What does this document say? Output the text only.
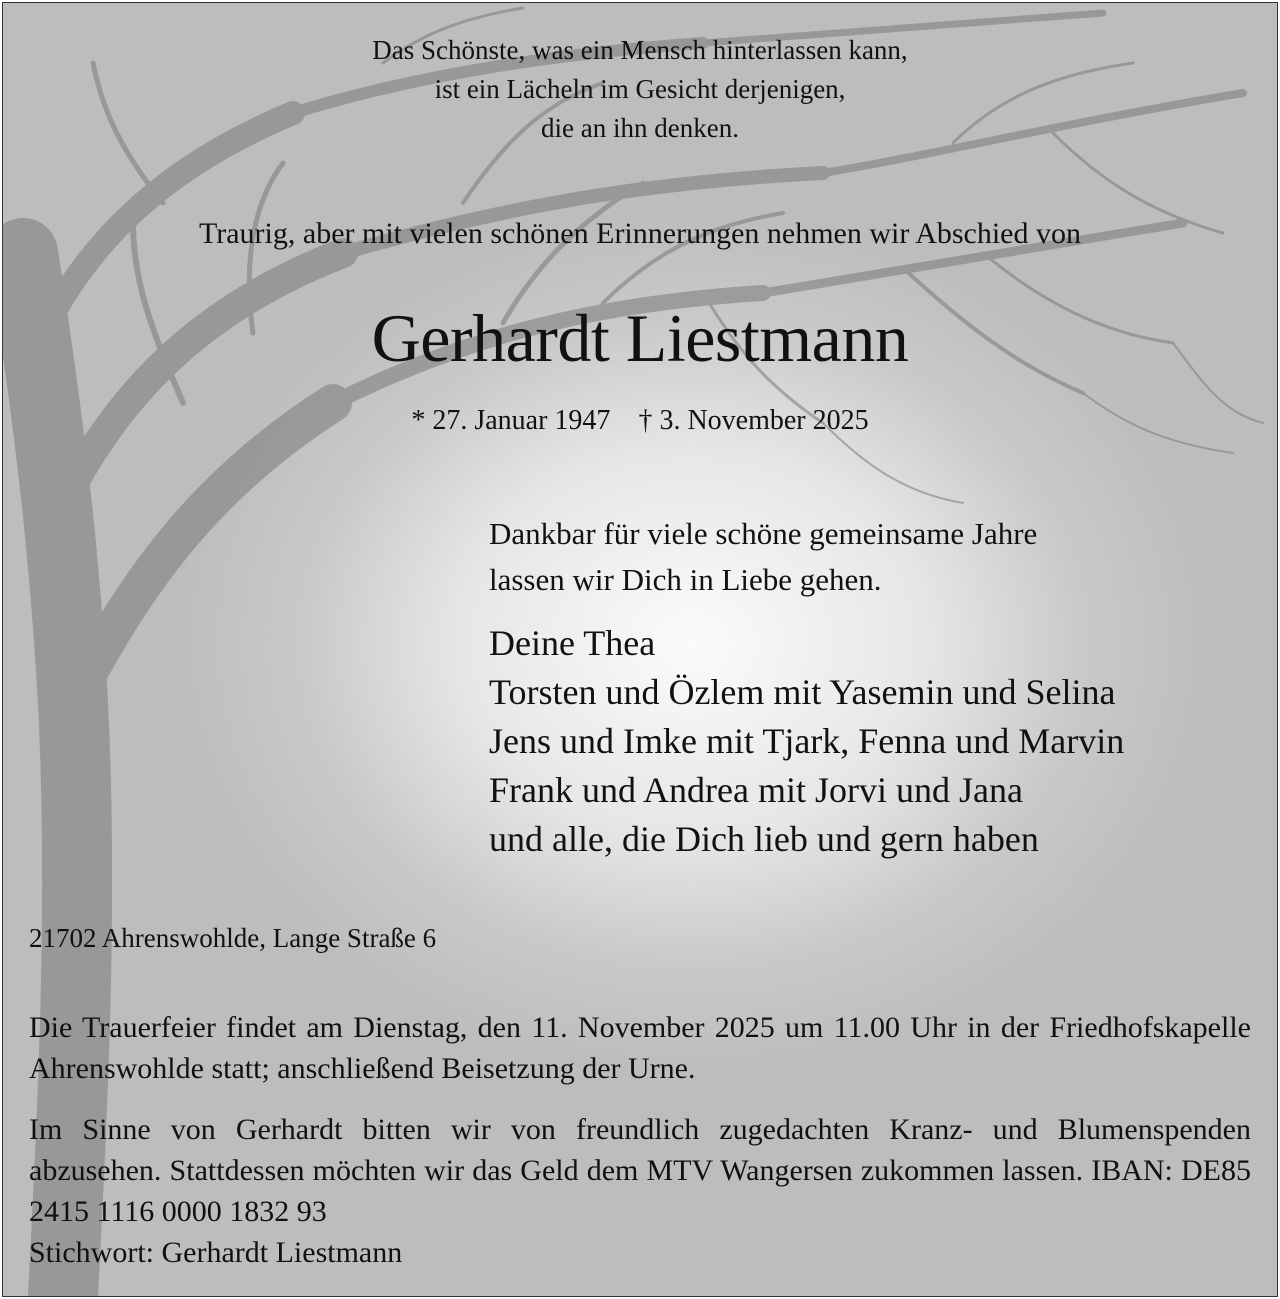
Das Schönste, was ein Mensch hinterlassen kann,
ist ein Lächeln im Gesicht derjenigen,
die an ihn denken.
Traurig, aber mit vielen schönen Erinnerungen nehmen wir Abschied von
Gerhardt Liestmann
* 27. Januar 1947 † 3. November 2025
Dankbar für viele schöne gemeinsame Jahre
lassen wir Dich in Liebe gehen.
Deine Thea
Torsten und Özlem mit Yasemin und Selina
Jens und Imke mit Tjark, Fenna und Marvin
Frank und Andrea mit Jorvi und Jana
und alle, die Dich lieb und gern haben
21702 Ahrenswohlde, Lange Straße 6

Die Trauerfeier findet am Dienstag, den 11. November 2025 um 11.00 Uhr in der Friedhofskapelle Ahrenswohlde statt; anschließend Beisetzung der Urne.

Im Sinne von Gerhardt bitten wir von freundlich zugedachten Kranz- und Blumenspenden abzusehen. Stattdessen möchten wir das Geld dem MTV Wangersen zukommen lassen. IBAN: DE85 2415 1116 0000 1832 93
Stichwort: Gerhardt Liestmann
